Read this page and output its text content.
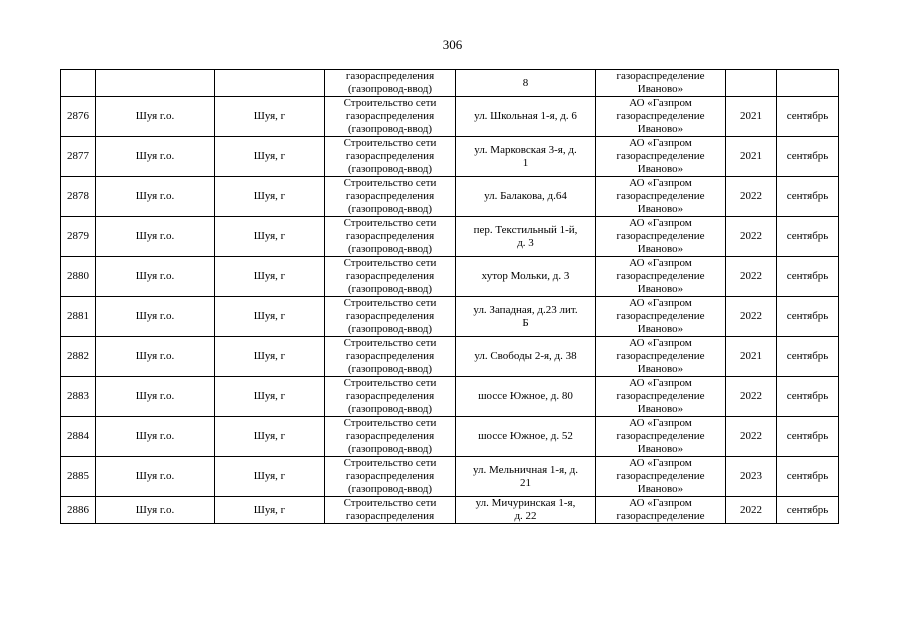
306
			газораспределения
(газопровод-ввод)	8	газораспределение
Иваново»		
2876	Шуя г.о.	Шуя, г	Строительство сети
газораспределения
(газопровод-ввод)	ул. Школьная 1-я, д. 6	АО «Газпром
газораспределение
Иваново»	2021	сентябрь
2877	Шуя г.о.	Шуя, г	Строительство сети
газораспределения
(газопровод-ввод)	ул. Марковская 3-я, д.
1	АО «Газпром
газораспределение
Иваново»	2021	сентябрь
2878	Шуя г.о.	Шуя, г	Строительство сети
газораспределения
(газопровод-ввод)	ул. Балакова, д.64	АО «Газпром
газораспределение
Иваново»	2022	сентябрь
2879	Шуя г.о.	Шуя, г	Строительство сети
газораспределения
(газопровод-ввод)	пер. Текстильный 1-й,
д. 3	АО «Газпром
газораспределение
Иваново»	2022	сентябрь
2880	Шуя г.о.	Шуя, г	Строительство сети
газораспределения
(газопровод-ввод)	хутор Мольки, д. 3	АО «Газпром
газораспределение
Иваново»	2022	сентябрь
2881	Шуя г.о.	Шуя, г	Строительство сети
газораспределения
(газопровод-ввод)	ул. Западная, д.23 лит.
Б	АО «Газпром
газораспределение
Иваново»	2022	сентябрь
2882	Шуя г.о.	Шуя, г	Строительство сети
газораспределения
(газопровод-ввод)	ул. Свободы 2-я, д. 38	АО «Газпром
газораспределение
Иваново»	2021	сентябрь
2883	Шуя г.о.	Шуя, г	Строительство сети
газораспределения
(газопровод-ввод)	шоссе Южное, д. 80	АО «Газпром
газораспределение
Иваново»	2022	сентябрь
2884	Шуя г.о.	Шуя, г	Строительство сети
газораспределения
(газопровод-ввод)	шоссе Южное, д. 52	АО «Газпром
газораспределение
Иваново»	2022	сентябрь
2885	Шуя г.о.	Шуя, г	Строительство сети
газораспределения
(газопровод-ввод)	ул. Мельничная 1-я, д.
21	АО «Газпром
газораспределение
Иваново»	2023	сентябрь
2886	Шуя г.о.	Шуя, г	Строительство сети
газораспределения	ул. Мичуринская 1-я,
д. 22	АО «Газпром
газораспределение	2022	сентябрь
